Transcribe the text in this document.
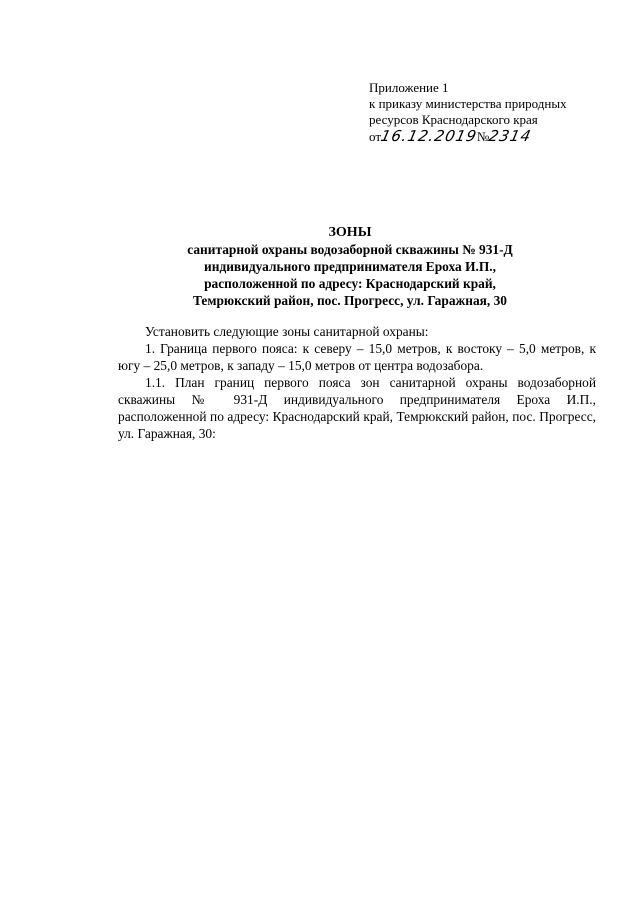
Приложение 1
к приказу министерства природных
ресурсов Краснодарского края
от16.12.2019№2314
ЗОНЫ
санитарной охраны водозаборной скважины № 931-Д
индивидуального предпринимателя Ероха И.П.,
расположенной по адресу: Краснодарский край,
Темрюкский район, пос. Прогресс, ул. Гаражная, 30

Установить следующие зоны санитарной охраны:

1. Граница первого пояса: к северу – 15,0 метров, к востоку – 5,0 метров, к югу – 25,0 метров, к западу – 15,0 метров от центра водозабора.

1.1. План границ первого пояса зон санитарной охраны водозаборной скважины № 931-Д индивидуального предпринимателя Ероха И.П., расположенной по адресу: Краснодарский край, Темрюкский район, пос. Прогресс, ул. Гаражная, 30:
